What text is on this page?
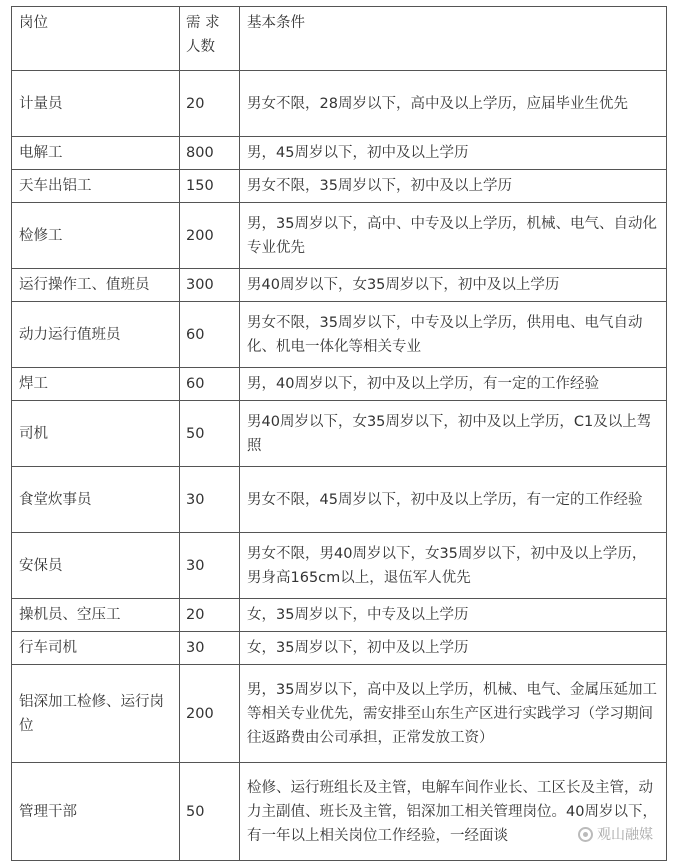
岗位	需 求 人数	基本条件
计量员	20	男女不限，28周岁以下，高中及以上学历，应届毕业生优先
电解工	800	男，45周岁以下，初中及以上学历
天车出铝工	150	男女不限，35周岁以下，初中及以上学历
检修工	200	男，35周岁以下，高中、中专及以上学历，机械、电气、自动化专业优先
运行操作工、值班员	300	男40周岁以下，女35周岁以下，初中及以上学历
动力运行值班员	60	男女不限，35周岁以下，中专及以上学历，供用电、电气自动化、机电一体化等相关专业
焊工	60	男，40周岁以下，初中及以上学历，有一定的工作经验
司机	50	男40周岁以下，女35周岁以下，初中及以上学历，C1及以上驾照
食堂炊事员	30	男女不限，45周岁以下，初中及以上学历，有一定的工作经验
安保员	30	男女不限，男40周岁以下，女35周岁以下，初中及以上学历，男身高165cm以上，退伍军人优先
操机员、空压工	20	女，35周岁以下，中专及以上学历
行车司机	30	女，35周岁以下，初中及以上学历
铝深加工检修、运行岗位	200	男，35周岁以下，高中及以上学历，机械、电气、金属压延加工等相关专业优先，需安排至山东生产区进行实践学习（学习期间往返路费由公司承担，正常发放工资）
管理干部	50	检修、运行班组长及主管，电解车间作业长、工区长及主管，动力主副值、班长及主管，铝深加工相关管理岗位。40周岁以下，有一年以上相关岗位工作经验，一经面谈	观山融媒
